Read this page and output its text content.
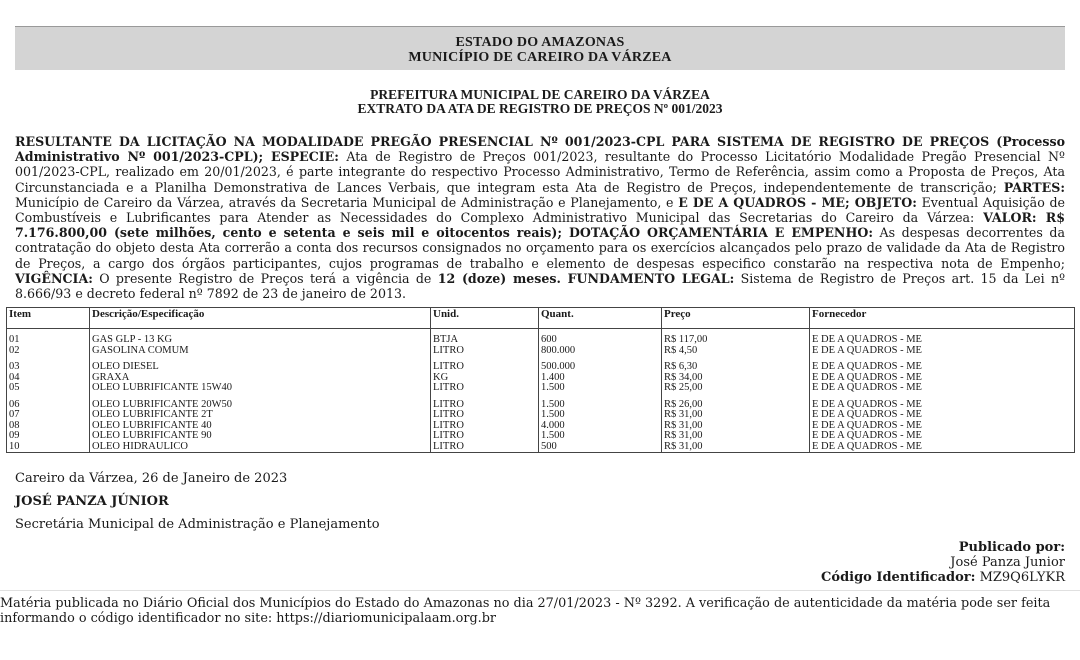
ESTADO DO AMAZONAS
MUNICÍPIO DE CAREIRO DA VÁRZEA
PREFEITURA MUNICIPAL DE CAREIRO DA VÁRZEA
EXTRATO DA ATA DE REGISTRO DE PREÇOS Nº 001/2023
RESULTANTE DA LICITAÇÃO NA MODALIDADE PREGÃO PRESENCIAL Nº 001/2023-CPL PARA SISTEMA DE REGISTRO DE PREÇOS (Processo Administrativo Nº 001/2023-CPL); ESPECIE: Ata de Registro de Preços 001/2023, resultante do Processo Licitatório Modalidade Pregão Presencial Nº 001/2023-CPL, realizado em 20/01/2023, é parte integrante do respectivo Processo Administrativo, Termo de Referência, assim como a Proposta de Preços, Ata Circunstanciada e a Planilha Demonstrativa de Lances Verbais, que integram esta Ata de Registro de Preços, independentemente de transcrição; PARTES: Município de Careiro da Várzea, através da Secretaria Municipal de Administração e Planejamento, e E DE A QUADROS - ME; OBJETO: Eventual Aquisição de Combustíveis e Lubrificantes para Atender as Necessidades do Complexo Administrativo Municipal das Secretarias do Careiro da Várzea: VALOR: R$ 7.176.800,00 (sete milhões, cento e setenta e seis mil e oitocentos reais); DOTAÇÃO ORÇAMENTÁRIA E EMPENHO: As despesas decorrentes da contratação do objeto desta Ata correrão a conta dos recursos consignados no orçamento para os exercícios alcançados pelo prazo de validade da Ata de Registro de Preços, a cargo dos órgãos participantes, cujos programas de trabalho e elemento de despesas especifico constarão na respectiva nota de Empenho; VIGÊNCIA: O presente Registro de Preços terá a vigência de 12 (doze) meses. FUNDAMENTO LEGAL: Sistema de Registro de Preços art. 15 da Lei nº 8.666/93 e decreto federal nº 7892 de 23 de janeiro de 2013.
Item	Descrição/Especificação	Unid.	Quant.	Preço	Fornecedor

01	GÁS GLP - 13 KG	BTJA	600	R$ 117,00	E DE A QUADROS - ME
02	GASOLINA COMUM	LITRO	800.000	R$ 4,50	E DE A QUADROS - ME

03	ÓLEO DIESEL	LITRO	500.000	R$ 6,30	E DE A QUADROS - ME
04	GRAXA	KG	1.400	R$ 34,00	E DE A QUADROS - ME
05	ÓLEO LUBRIFICANTE 15W40	LITRO	1.500	R$ 25,00	E DE A QUADROS - ME

06	ÓLEO LUBRIFICANTE 20W50	LITRO	1.500	R$ 26,00	E DE A QUADROS - ME
07	ÓLEO LUBRIFICANTE 2T	LITRO	1.500	R$ 31,00	E DE A QUADROS - ME
08	ÓLEO LUBRIFICANTE 40	LITRO	4.000	R$ 31,00	E DE A QUADROS - ME
09	ÓLEO LUBRIFICANTE 90	LITRO	1.500	R$ 31,00	E DE A QUADROS - ME
10	ÓLEO HIDRÁULICO	LITRO	500	R$ 31,00	E DE A QUADROS - ME
Careiro da Várzea, 26 de Janeiro de 2023
JOSÉ PANZA JÚNIOR
Secretária Municipal de Administração e Planejamento
Publicado por:
José Panza Junior
Código Identificador: MZ9Q6LYKR
Matéria publicada no Diário Oficial dos Municípios do Estado do Amazonas no dia 27/01/2023 - Nº 3292. A verificação de autenticidade da matéria pode ser feita
informando o código identificador no site: https://diariomunicipalaam.org.br
